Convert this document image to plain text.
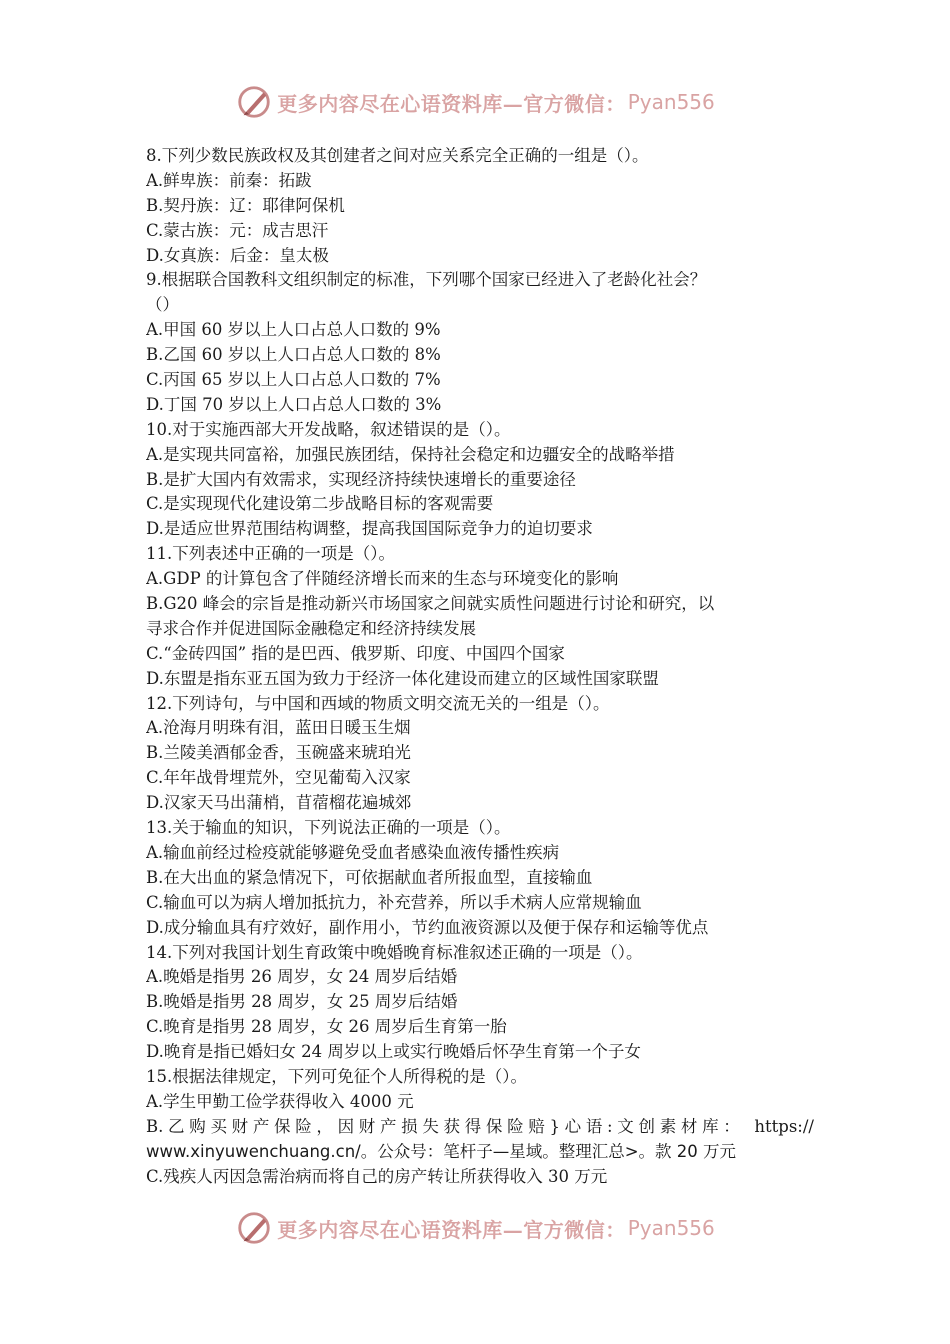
更多内容尽在心语资料库—官方微信： Pyan556
8.下列少数民族政权及其创建者之间对应关系完全正确的一组是（）。
A.鲜卑族：前秦：拓跋
B.契丹族：辽：耶律阿保机
C.蒙古族：元：成吉思汗
D.女真族：后金：皇太极
9.根据联合国教科文组织制定的标准，下列哪个国家已经进入了老龄化社会？
（）
A.甲国 60 岁以上人口占总人口数的 9%
B.乙国 60 岁以上人口占总人口数的 8%
C.丙国 65 岁以上人口占总人口数的 7%
D.丁国 70 岁以上人口占总人口数的 3%
10.对于实施西部大开发战略，叙述错误的是（）。
A.是实现共同富裕，加强民族团结，保持社会稳定和边疆安全的战略举措
B.是扩大国内有效需求，实现经济持续快速增长的重要途径
C.是实现现代化建设第二步战略目标的客观需要
D.是适应世界范围结构调整，提高我国国际竞争力的迫切要求
11.下列表述中正确的一项是（）。
A.GDP 的计算包含了伴随经济增长而来的生态与环境变化的影响
B.G20 峰会的宗旨是推动新兴市场国家之间就实质性问题进行讨论和研究，以
寻求合作并促进国际金融稳定和经济持续发展
C.“金砖四国” 指的是巴西、俄罗斯、印度、中国四个国家
D.东盟是指东亚五国为致力于经济一体化建设而建立的区域性国家联盟
12.下列诗句，与中国和西域的物质文明交流无关的一组是（）。
A.沧海月明珠有泪，蓝田日暖玉生烟
B.兰陵美酒郁金香，玉碗盛来琥珀光
C.年年战骨埋荒外，空见葡萄入汉家
D.汉家天马出蒲梢，苜蓿榴花遍城郊
13.关于输血的知识，下列说法正确的一项是（）。
A.输血前经过检疫就能够避免受血者感染血液传播性疾病
B.在大出血的紧急情况下，可依据献血者所报血型，直接输血
C.输血可以为病人增加抵抗力，补充营养，所以手术病人应常规输血
D.成分输血具有疗效好，副作用小，节约血液资源以及便于保存和运输等优点
14.下列对我国计划生育政策中晚婚晚育标准叙述正确的一项是（）。
A.晚婚是指男 26 周岁，女 24 周岁后结婚
B.晚婚是指男 28 周岁，女 25 周岁后结婚
C.晚育是指男 28 周岁，女 26 周岁后生育第一胎
D.晚育是指已婚妇女 24 周岁以上或实行晚婚后怀孕生育第一个子女
15.根据法律规定，下列可免征个人所得税的是（）。
A.学生甲勤工俭学获得收入 4000 元
B.乙购买财产保险，因财产损失获得保险赔}心语:文创素材库： https://
www.xinyuwenchuang.cn/。公众号：笔杆子—星域。整理汇总>。款 20 万元
C.残疾人丙因急需治病而将自己的房产转让所获得收入 30 万元
更多内容尽在心语资料库—官方微信： Pyan556
